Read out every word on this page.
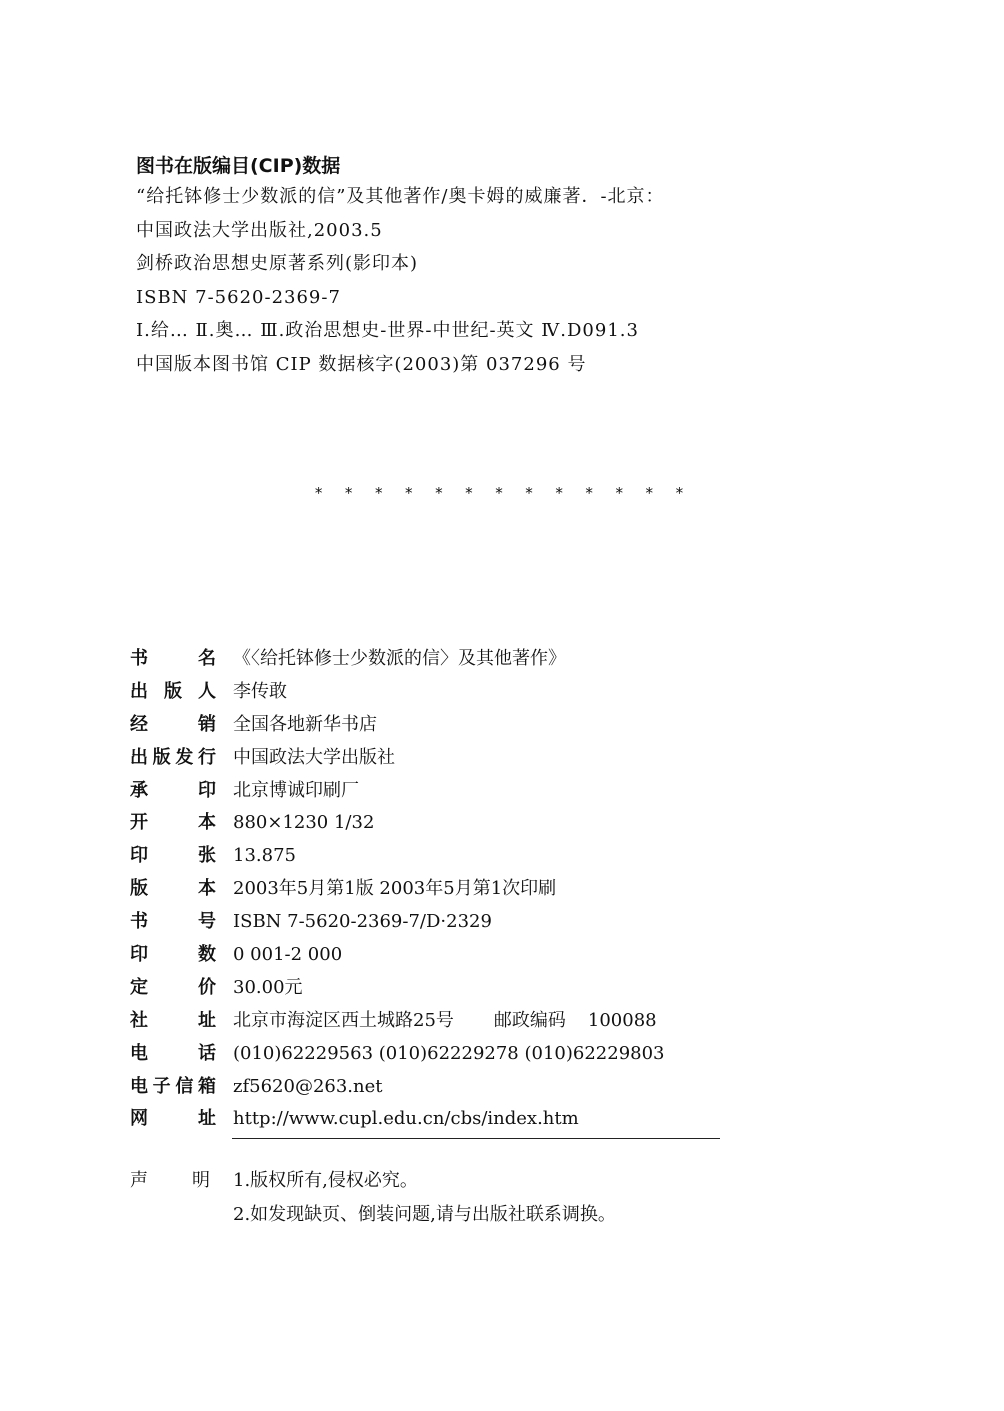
图书在版编目(CIP)数据
“给托钵修士少数派的信”及其他著作/奥卡姆的威廉著．-北京：
中国政法大学出版社,2003.5
剑桥政治思想史原著系列(影印本)
ISBN 7-5620-2369-7
Ⅰ.给… Ⅱ.奥… Ⅲ.政治思想史-世界-中世纪-英文 Ⅳ.D091.3
中国版本图书馆 CIP 数据核字(2003)第 037296 号
* * * * * * * * * * * * *
书名 《〈给托钵修士少数派的信〉及其他著作》
出版人 李传敢
经销 全国各地新华书店
出版发行 中国政法大学出版社
承印 北京博诚印刷厂
开本 880×1230 1/32
印张 13.875
版本 2003年5月第1版 2003年5月第1次印刷
书号 ISBN 7-5620-2369-7/D·2329
印数 0 001-2 000
定价 30.00元
社址 北京市海淀区西土城路25号 邮政编码 100088
电话 (010)62229563 (010)62229278 (010)62229803
电子信箱 zf5620@263.net
网址 http://www.cupl.edu.cn/cbs/index.htm
声明 1.版权所有,侵权必究。
2.如发现缺页、倒装问题,请与出版社联系调换。
